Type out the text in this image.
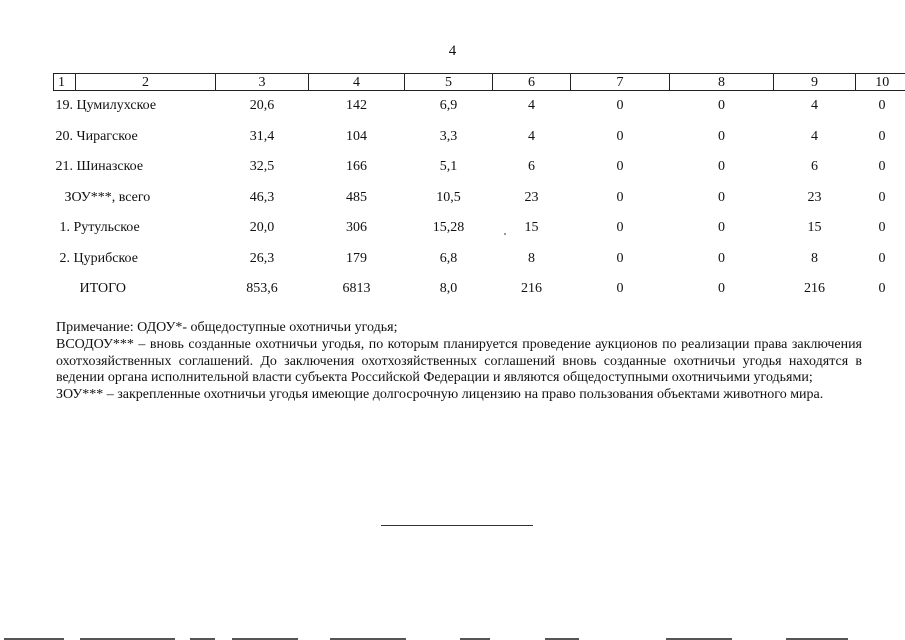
4
1	2	3	4	5	6	7	8	9	10
19. Цумилухское		20,6	142	6,9	4	0	0	4	0
20. Чирагское		31,4	104	3,3	4	0	0	4	0
21. Шиназское		32,5	166	5,1	6	0	0	6	0
ЗОУ***, всего		46,3	485	10,5	23	0	0	23	0
1. Рутульское		20,0	306	15,28	15	0	0	15	0
2. Цурибское		26,3	179	6,8	8	0	0	8	0
ИТОГО		853,6	6813	8,0	216	0	0	216	0

Примечание: ОДОУ*- общедоступные охотничьи угодья;

ВСОДОУ*** – вновь созданные охотничьи угодья, по которым планируется проведение аукционов по реализации права заключения охотхозяйственных соглашений. До заключения охотхозяйственных соглашений вновь созданные охотничьи угодья находятся в ведении органа исполнительной власти субъекта Российской Федерации и являются общедоступными охотничьими угодьями;

ЗОУ*** – закрепленные охотничьи угодья имеющие долгосрочную лицензию на право пользования объектами животного мира.
